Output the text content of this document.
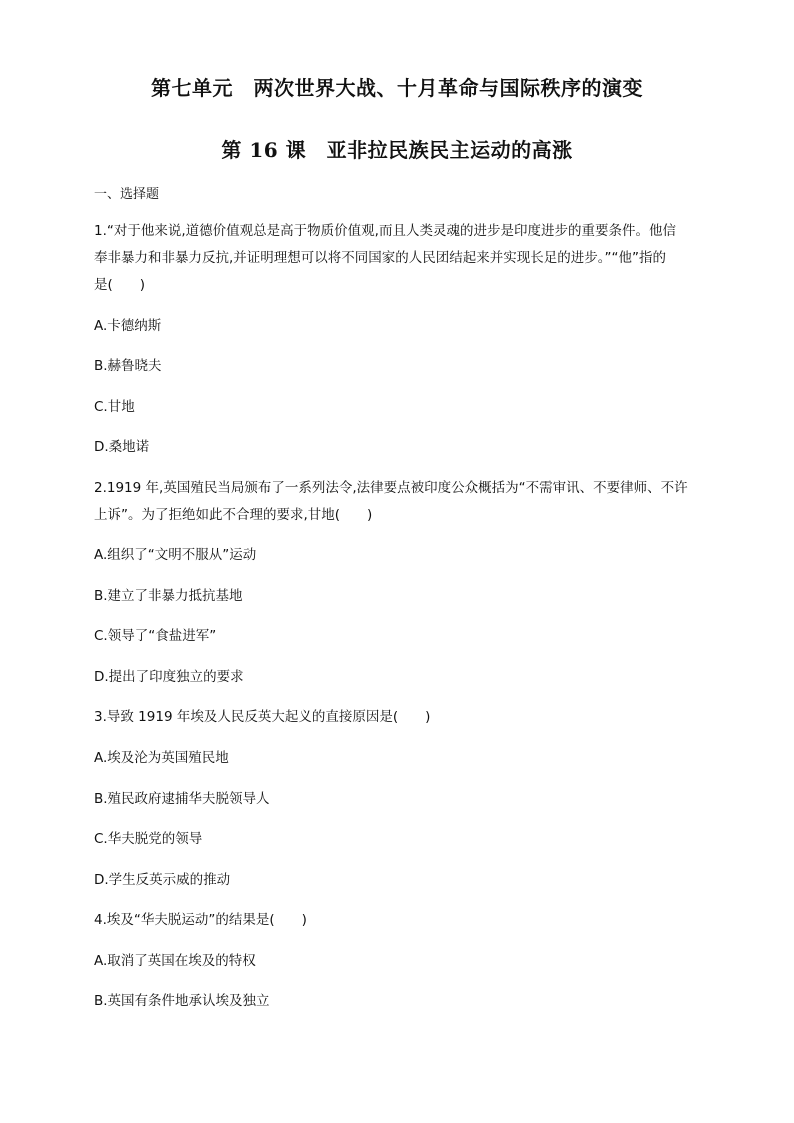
第七单元　两次世界大战、十月革命与国际秩序的演变
第 16 课　亚非拉民族民主运动的高涨
一、选择题
1.“对于他来说,道德价值观总是高于物质价值观,而且人类灵魂的进步是印度进步的重要条件。他信
奉非暴力和非暴力反抗,并证明理想可以将不同国家的人民团结起来并实现长足的进步。”“他”指的
是(　　)
A.卡德纳斯
B.赫鲁晓夫
C.甘地
D.桑地诺
2.1919 年,英国殖民当局颁布了一系列法令,法律要点被印度公众概括为“不需审讯、不要律师、不许
上诉”。为了拒绝如此不合理的要求,甘地(　　)
A.组织了“文明不服从”运动
B.建立了非暴力抵抗基地
C.领导了“食盐进军”
D.提出了印度独立的要求
3.导致 1919 年埃及人民反英大起义的直接原因是(　　)
A.埃及沦为英国殖民地
B.殖民政府逮捕华夫脱领导人
C.华夫脱党的领导
D.学生反英示威的推动
4.埃及“华夫脱运动”的结果是(　　)
A.取消了英国在埃及的特权
B.英国有条件地承认埃及独立
